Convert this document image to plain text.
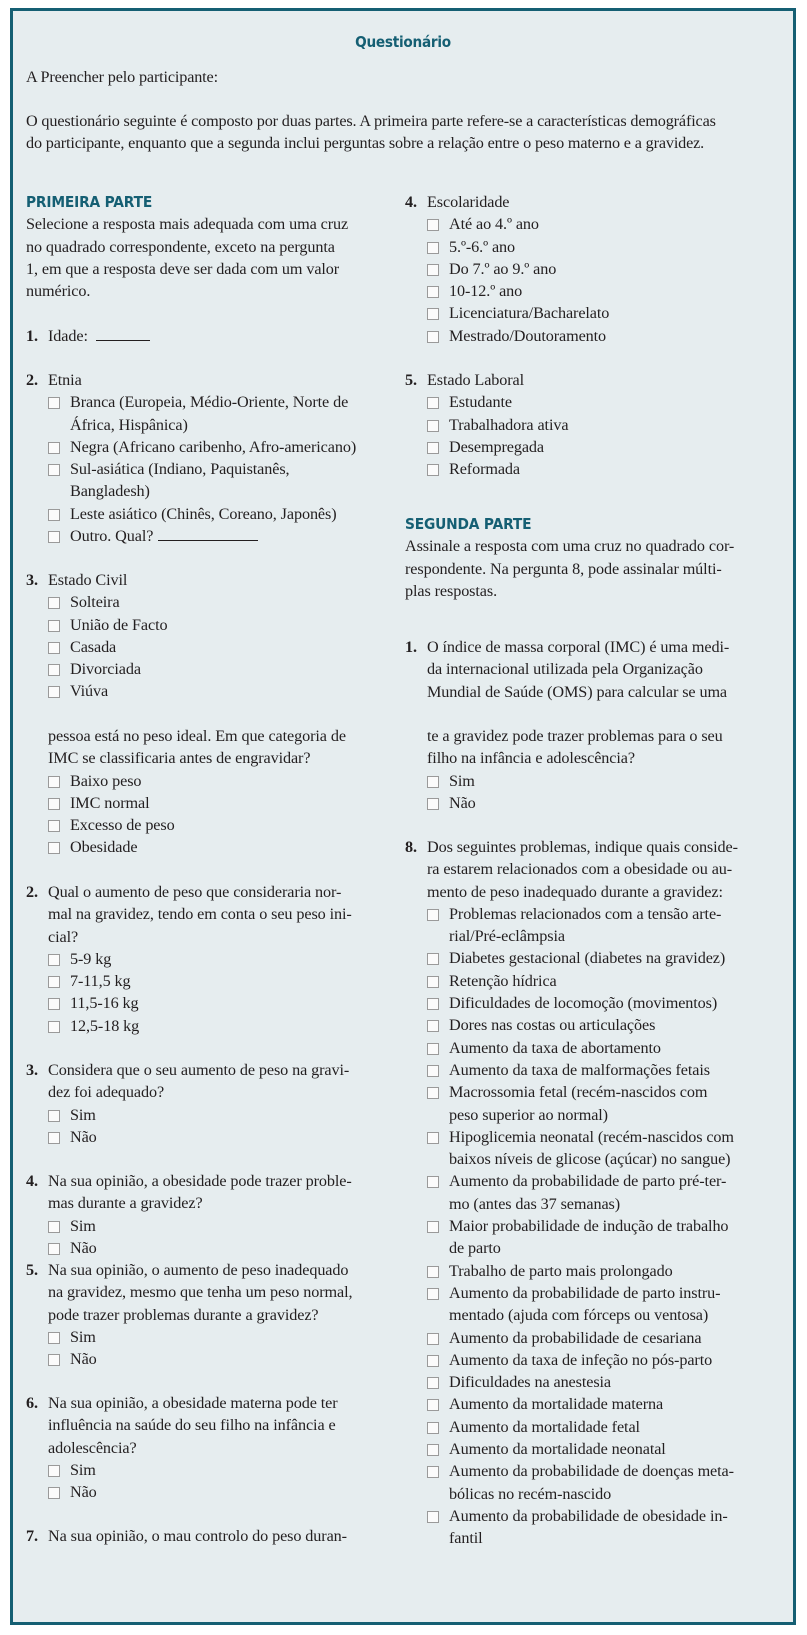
Questionário
A Preencher pelo participante:
O questionário seguinte é composto por duas partes. A primeira parte refere-se a características demográficas
do participante, enquanto que a segunda inclui perguntas sobre a relação entre o peso materno e a gravidez.
PRIMEIRA PARTE
Selecione a resposta mais adequada com uma cruz
no quadrado correspondente, exceto na pergunta
1, em que a resposta deve ser dada com um valor
numérico.
1. Idade:
2. Etnia
Branca (Europeia, Médio-Oriente, Norte de
África, Hispânica)
Negra (Africano caribenho, Afro-americano)
Sul-asiática (Indiano, Paquistanês,
Bangladesh)
Leste asiático (Chinês, Coreano, Japonês)
Outro. Qual?
3. Estado Civil
Solteira
União de Facto
Casada
Divorciada
Viúva
pessoa está no peso ideal. Em que categoria de
IMC se classificaria antes de engravidar?
Baixo peso
IMC normal
Excesso de peso
Obesidade
2. Qual o aumento de peso que consideraria nor-
mal na gravidez, tendo em conta o seu peso ini-
cial?
5-9 kg
7-11,5 kg
11,5-16 kg
12,5-18 kg
3. Considera que o seu aumento de peso na gravi-
dez foi adequado?
Sim
Não
4. Na sua opinião, a obesidade pode trazer proble-
mas durante a gravidez?
Sim
Não
5. Na sua opinião, o aumento de peso inadequado
na gravidez, mesmo que tenha um peso normal,
pode trazer problemas durante a gravidez?
Sim
Não
6. Na sua opinião, a obesidade materna pode ter
influência na saúde do seu filho na infância e
adolescência?
Sim
Não
7. Na sua opinião, o mau controlo do peso duran-
4. Escolaridade
Até ao 4.º ano
5.º-6.º ano
Do 7.º ao 9.º ano
10-12.º ano
Licenciatura/Bacharelato
Mestrado/Doutoramento
5. Estado Laboral
Estudante
Trabalhadora ativa
Desempregada
Reformada
SEGUNDA PARTE
Assinale a resposta com uma cruz no quadrado cor-
respondente. Na pergunta 8, pode assinalar múlti-
plas respostas.
1. O índice de massa corporal (IMC) é uma medi-
da internacional utilizada pela Organização
Mundial de Saúde (OMS) para calcular se uma
te a gravidez pode trazer problemas para o seu
filho na infância e adolescência?
Sim
Não
8. Dos seguintes problemas, indique quais conside-
ra estarem relacionados com a obesidade ou au-
mento de peso inadequado durante a gravidez:
Problemas relacionados com a tensão arte-
rial/Pré-eclâmpsia
Diabetes gestacional (diabetes na gravidez)
Retenção hídrica
Dificuldades de locomoção (movimentos)
Dores nas costas ou articulações
Aumento da taxa de abortamento
Aumento da taxa de malformações fetais
Macrossomia fetal (recém-nascidos com
peso superior ao normal)
Hipoglicemia neonatal (recém-nascidos com
baixos níveis de glicose (açúcar) no sangue)
Aumento da probabilidade de parto pré-ter-
mo (antes das 37 semanas)
Maior probabilidade de indução de trabalho
de parto
Trabalho de parto mais prolongado
Aumento da probabilidade de parto instru-
mentado (ajuda com fórceps ou ventosa)
Aumento da probabilidade de cesariana
Aumento da taxa de infeção no pós-parto
Dificuldades na anestesia
Aumento da mortalidade materna
Aumento da mortalidade fetal
Aumento da mortalidade neonatal
Aumento da probabilidade de doenças meta-
bólicas no recém-nascido
Aumento da probabilidade de obesidade in-
fantil
